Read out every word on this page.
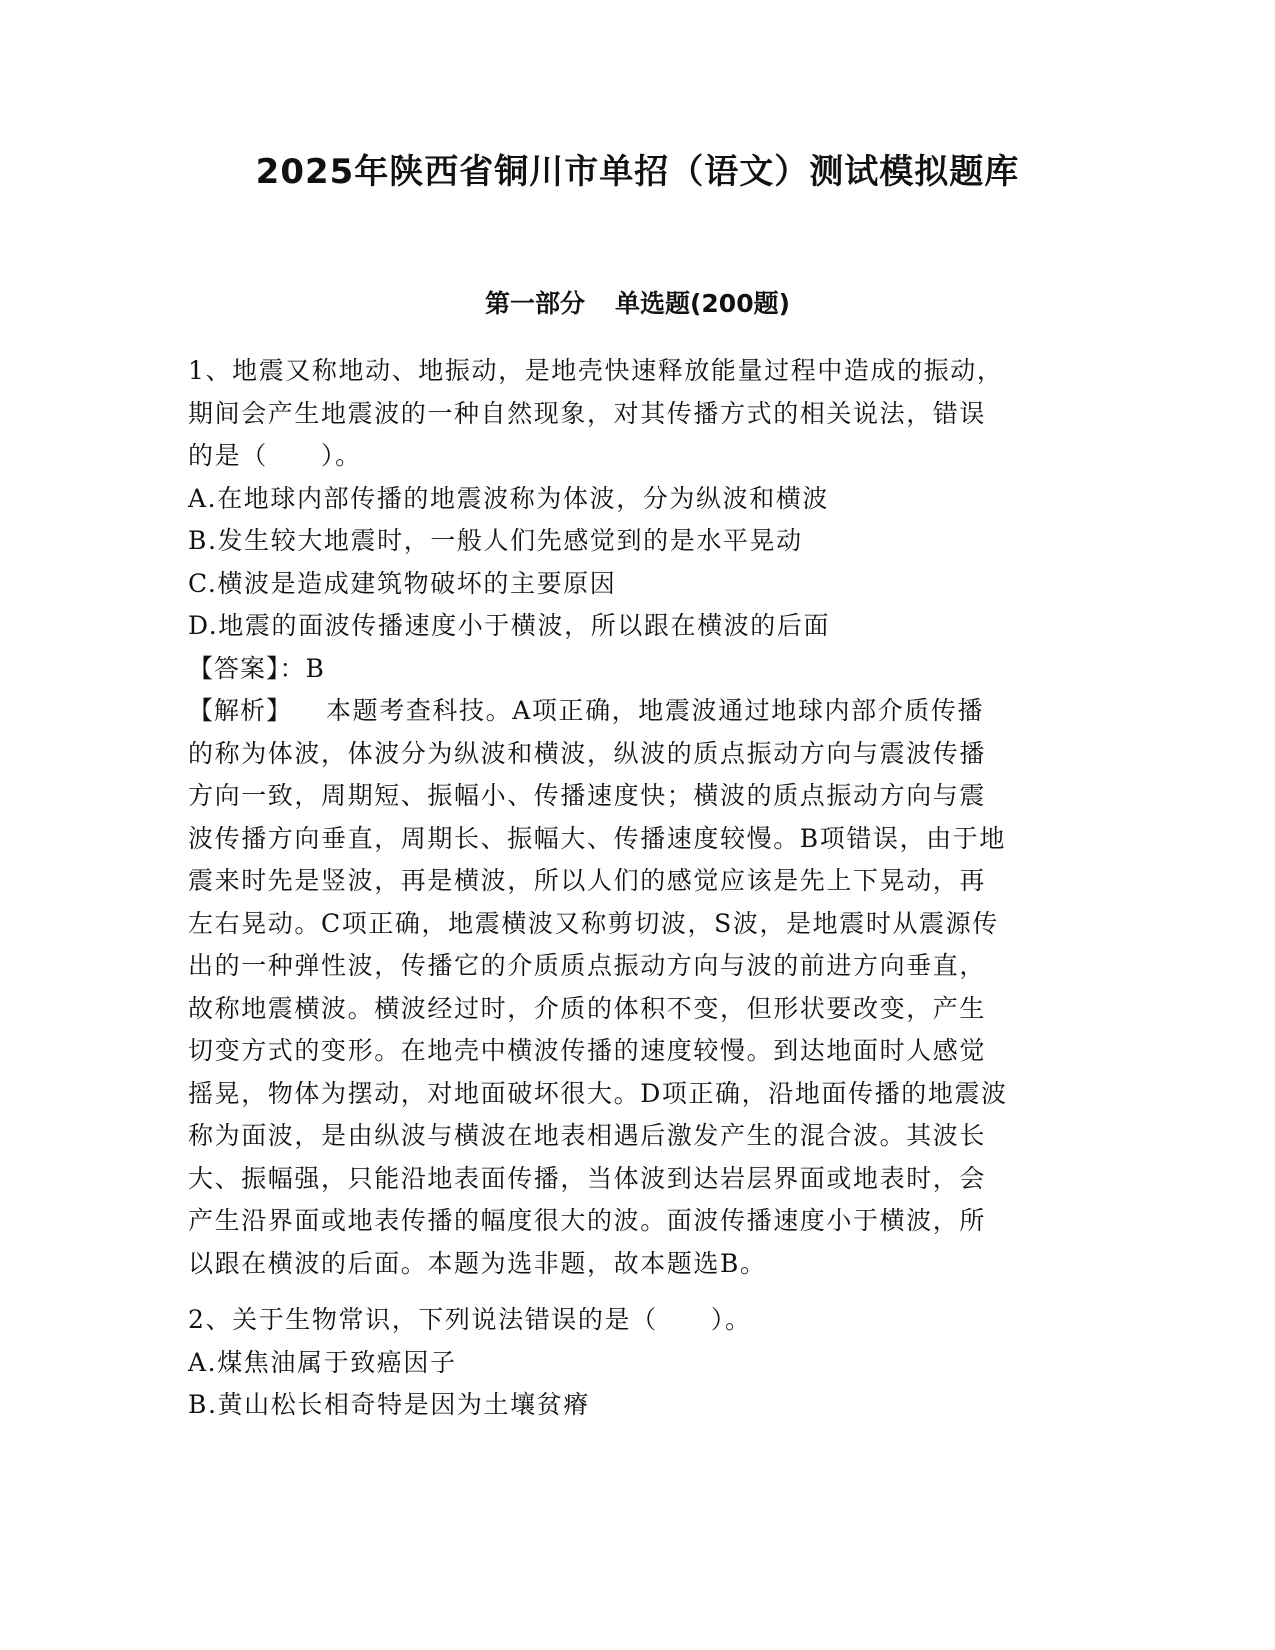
2025年陕西省铜川市单招（语文）测试模拟题库
第一部分 单选题(200题)
1、地震又称地动、地振动，是地壳快速释放能量过程中造成的振动，
期间会产生地震波的一种自然现象，对其传播方式的相关说法，错误
的是（　　）。
A.在地球内部传播的地震波称为体波，分为纵波和横波
B.发生较大地震时，一般人们先感觉到的是水平晃动
C.横波是造成建筑物破坏的主要原因
D.地震的面波传播速度小于横波，所以跟在横波的后面
【答案】：B
【解析】 本题考查科技。A项正确，地震波通过地球内部介质传播
的称为体波，体波分为纵波和横波，纵波的质点振动方向与震波传播
方向一致，周期短、振幅小、传播速度快；横波的质点振动方向与震
波传播方向垂直，周期长、振幅大、传播速度较慢。B项错误，由于地
震来时先是竖波，再是横波，所以人们的感觉应该是先上下晃动，再
左右晃动。C项正确，地震横波又称剪切波，S波，是地震时从震源传
出的一种弹性波，传播它的介质质点振动方向与波的前进方向垂直，
故称地震横波。横波经过时，介质的体积不变，但形状要改变，产生
切变方式的变形。在地壳中横波传播的速度较慢。到达地面时人感觉
摇晃，物体为摆动，对地面破坏很大。D项正确，沿地面传播的地震波
称为面波，是由纵波与横波在地表相遇后激发产生的混合波。其波长
大、振幅强，只能沿地表面传播，当体波到达岩层界面或地表时，会
产生沿界面或地表传播的幅度很大的波。面波传播速度小于横波，所
以跟在横波的后面。本题为选非题，故本题选B。
2、关于生物常识，下列说法错误的是（　　）。
A.煤焦油属于致癌因子
B.黄山松长相奇特是因为土壤贫瘠
